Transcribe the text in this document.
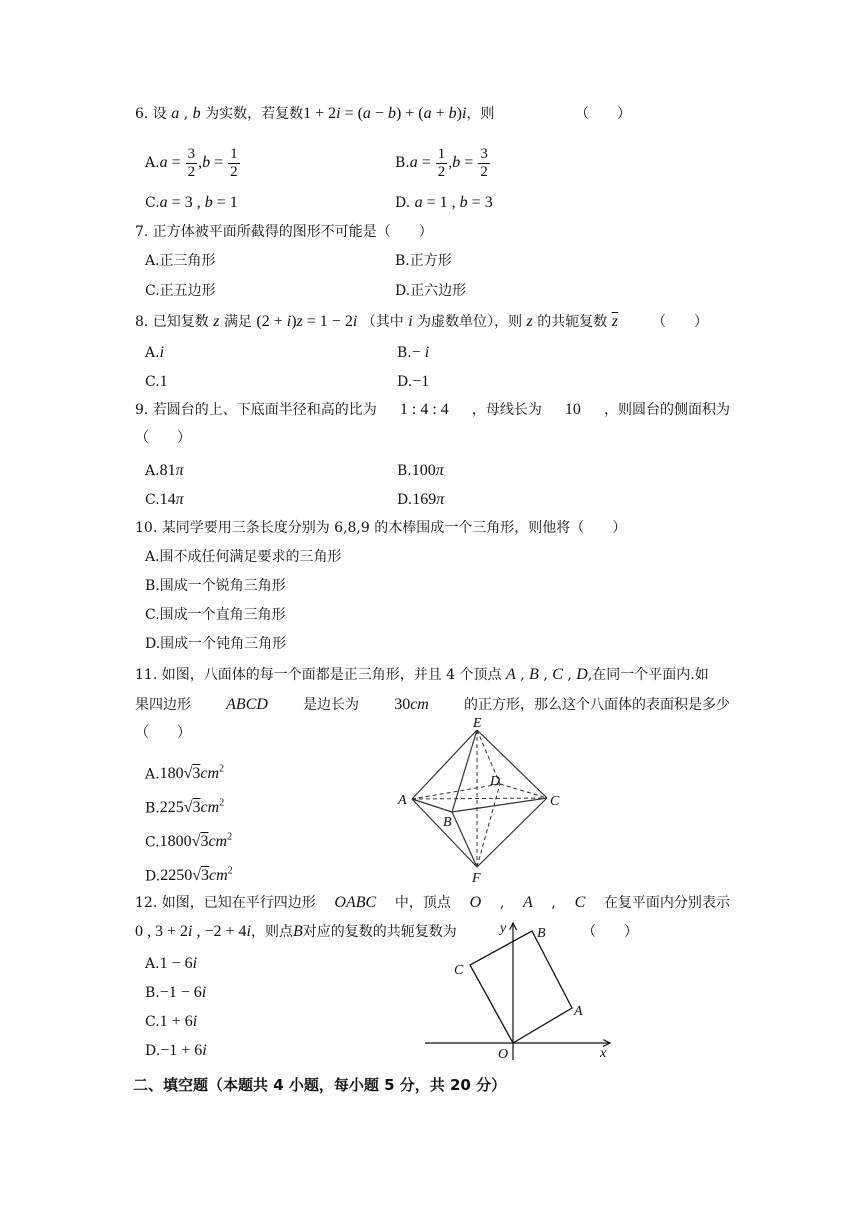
6. 设 a , b 为实数，若复数1 + 2i = (a − b) + (a + b)i，则	（　　）
$A.a = \frac{3}{2} ,b = \frac{1}{2}$	$B.a = \frac{1}{2} ,b = \frac{3}{2}$
C.a = 3 , b = 1	D. a = 1 , b = 3
7. 正方体被平面所截得的图形不可能是（　　）
A.正三角形	B.正方形
C.正五边形	D.正六边形
8. 已知复数 z 满足 (2 + i)z = 1 − 2i （其中 i 为虚数单位），则 z 的共轭复数 $\overline{z}$ （　　）
A.i	B.− i
C.1	D.−1
9. 若圆台的上、下底面半径和高的比为 1 : 4 : 4 ，母线长为 10 ，则圆台的侧面积为
（　　）
A.81π	B.100π
C.14π	D.169π
10. 某同学要用三条长度分别为 6,8,9 的木棒围成一个三角形，则他将（　　）
A.围不成任何满足要求的三角形
B.围成一个锐角三角形
C.围成一个直角三角形
D.围成一个钝角三角形
11. 如图，八面体的每一个面都是正三角形，并且 4 个顶点 A , B , C , D,在同一个平面内.如
果四边形 ABCD	是边长为 30cm	的正方形，那么这个八面体的表面积是多少
（　　）
$A.180√3cm^2$
$B.225√3cm^2$
$C.1800√3cm^2$
$D.2250√3cm^2$
E
D
A	C
B
F
12. 如图，已知在平行四边形 OABC 中，顶点 O , A , C 在复平面内分别表示
0 , 3 + 2i , −2 + 4i，则点B对应的复数的共轭复数为	（　　）
A.1 − 6i
B.−1 − 6i
C.1 + 6i
D.−1 + 6i
y
x
O
A
B
C
二、填空题（本题共 4 小题，每小题 5 分，共 20 分）
